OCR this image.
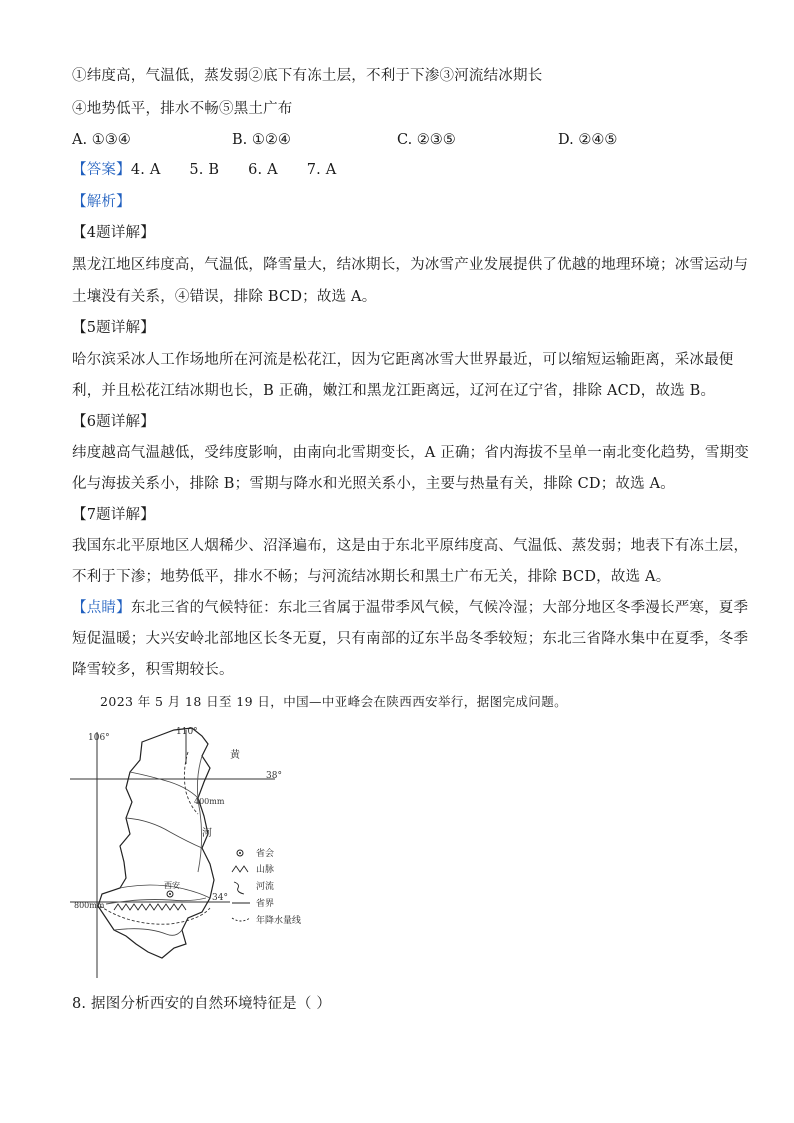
①纬度高，气温低，蒸发弱②底下有冻土层，不利于下渗③河流结冰期长
④地势低平，排水不畅⑤黑土广布
A. ①③④	B. ①②④	C. ②③⑤	D. ②④⑤
【答案】4. A      5. B      6. A      7. A
【解析】
【4题详解】
黑龙江地区纬度高，气温低，降雪量大，结冰期长，为冰雪产业发展提供了优越的地理环境；冰雪运动与
土壤没有关系，④错误，排除 BCD；故选 A。
【5题详解】
哈尔滨采冰人工作场地所在河流是松花江，因为它距离冰雪大世界最近，可以缩短运输距离，采冰最便
利，并且松花江结冰期也长，B 正确，嫩江和黑龙江距离远，辽河在辽宁省，排除 ACD，故选 B。
【6题详解】
纬度越高气温越低，受纬度影响，由南向北雪期变长，A 正确；省内海拔不呈单一南北变化趋势，雪期变
化与海拔关系小，排除 B；雪期与降水和光照关系小，主要与热量有关，排除 CD；故选 A。
【7题详解】
我国东北平原地区人烟稀少、沼泽遍布，这是由于东北平原纬度高、气温低、蒸发弱；地表下有冻土层，
不利于下渗；地势低平，排水不畅；与河流结冰期长和黑土广布无关，排除 BCD，故选 A。
【点睛】东北三省的气候特征：东北三省属于温带季风气候，气候冷湿；大部分地区冬季漫长严寒，夏季
短促温暖；大兴安岭北部地区长冬无夏，只有南部的辽东半岛冬季较短；东北三省降水集中在夏季，冬季
降雪较多，积雪期较长。
2023 年 5 月 18 日至 19 日，中国—中亚峰会在陕西西安举行，据图完成问题。
106°
110°
38°
34°
400mm
800mm
西安
黄
河
省会
山脉
河流
省界
年降水量线
8. 据图分析西安的自然环境特征是（ ）
